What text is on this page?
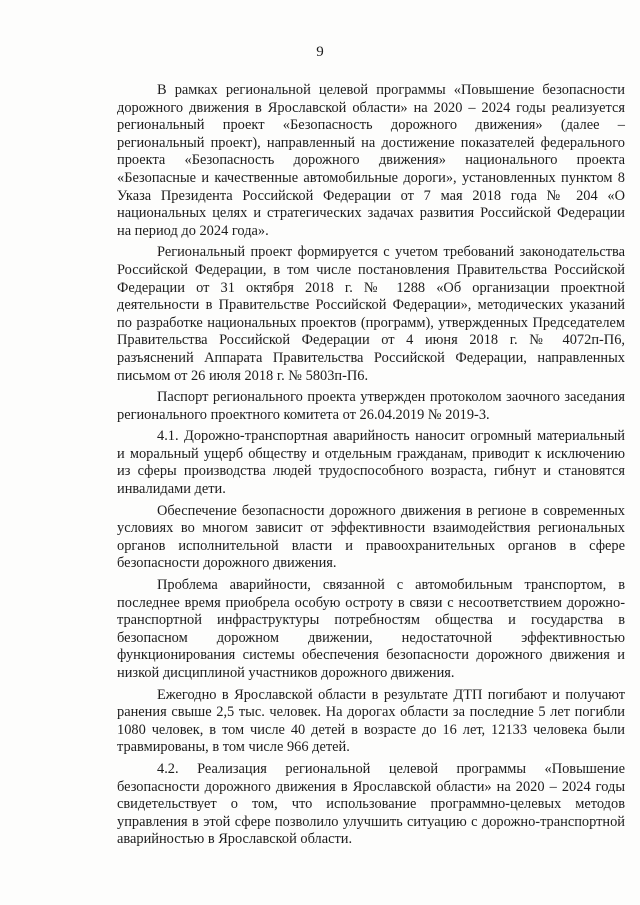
9

В рамках региональной целевой программы «Повышение безопасности дорожного движения в Ярославской области» на 2020 – 2024 годы реализуется региональный проект «Безопасность дорожного движения» (далее – региональный проект), направленный на достижение показателей федерального проекта «Безопасность дорожного движения» национального проекта «Безопасные и качественные автомобильные дороги», установленных пунктом 8 Указа Президента Российской Федерации от 7 мая 2018 года № 204 «О национальных целях и стратегических задачах развития Российской Федерации на период до 2024 года».

Региональный проект формируется с учетом требований законодательства Российской Федерации, в том числе постановления Правительства Российской Федерации от 31 октября 2018 г. № 1288 «Об организации проектной деятельности в Правительстве Российской Федерации», методических указаний по разработке национальных проектов (программ), утвержденных Председателем Правительства Российской Федерации от 4 июня 2018 г. № 4072п-П6, разъяснений Аппарата Правительства Российской Федерации, направленных письмом от 26 июля 2018 г. № 5803п-П6.

Паспорт регионального проекта утвержден протоколом заочного заседания регионального проектного комитета от 26.04.2019 № 2019-3.

4.1. Дорожно-транспортная аварийность наносит огромный материальный и моральный ущерб обществу и отдельным гражданам, приводит к исключению из сферы производства людей трудоспособного возраста, гибнут и становятся инвалидами дети.

Обеспечение безопасности дорожного движения в регионе в современных условиях во многом зависит от эффективности взаимодействия региональных органов исполнительной власти и правоохранительных органов в сфере безопасности дорожного движения.

Проблема аварийности, связанной с автомобильным транспортом, в последнее время приобрела особую остроту в связи с несоответствием дорожно-транспортной инфраструктуры потребностям общества и государства в безопасном дорожном движении, недостаточной эффективностью функционирования системы обеспечения безопасности дорожного движения и низкой дисциплиной участников дорожного движения.

Ежегодно в Ярославской области в результате ДТП погибают и получают ранения свыше 2,5 тыс. человек. На дорогах области за последние 5 лет погибли 1080 человек, в том числе 40 детей в возрасте до 16 лет, 12133 человека были травмированы, в том числе 966 детей.

4.2. Реализация региональной целевой программы «Повышение безопасности дорожного движения в Ярославской области» на 2020 – 2024 годы свидетельствует о том, что использование программно-целевых методов управления в этой сфере позволило улучшить ситуацию с дорожно-транспортной аварийностью в Ярославской области.
